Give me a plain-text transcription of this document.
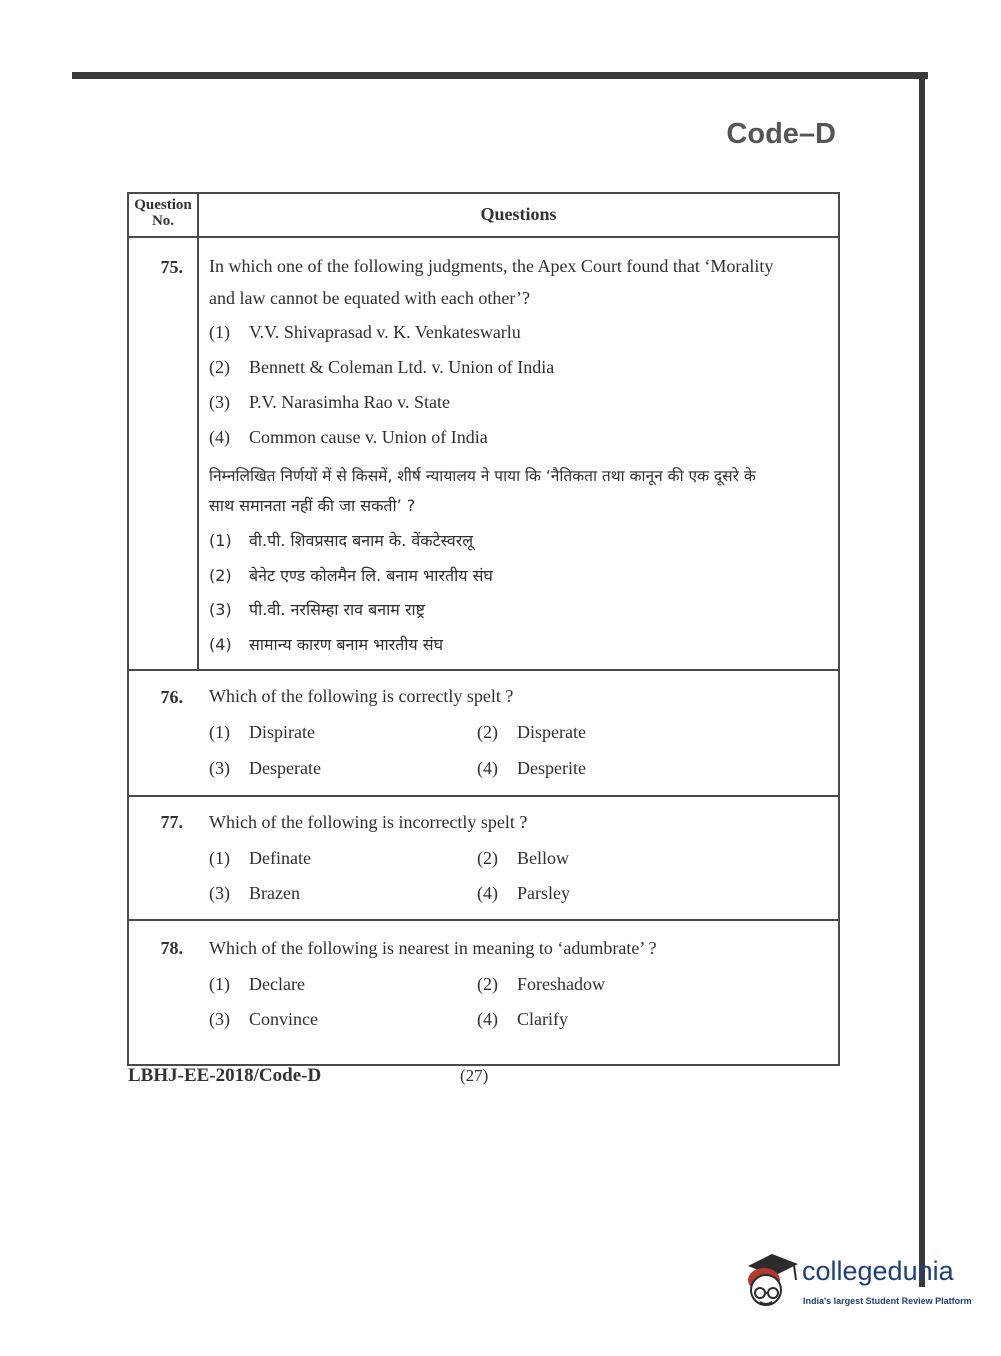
Code–D
Question
No.	Questions
75. In which one of the following judgments, the Apex Court found that ‘Morality
and law cannot be equated with each other’?
(1) V.V. Shivaprasad v. K. Venkateswarlu
(2) Bennett & Coleman Ltd. v. Union of India
(3) P.V. Narasimha Rao v. State
(4) Common cause v. Union of India
निम्नलिखित निर्णयों में से किसमें, शीर्ष न्यायालय ने पाया कि ‘नैतिकता तथा कानून की एक दूसरे के
साथ समानता नहीं की जा सकती’ ?
(1) वी.पी. शिवप्रसाद बनाम के. वेंकटेस्वरलू
(2) बेनेट एण्ड कोलमैन लि. बनाम भारतीय संघ
(3) पी.वी. नरसिम्हा राव बनाम राष्ट्र
(4) सामान्य कारण बनाम भारतीय संघ
76. Which of the following is correctly spelt ?
(1) Dispirate	(2) Disperate
(3) Desperate	(4) Desperite
77. Which of the following is incorrectly spelt ?
(1) Definate	(2) Bellow
(3) Brazen	(4) Parsley
78. Which of the following is nearest in meaning to ‘adumbrate’ ?
(1) Declare	(2) Foreshadow
(3) Convince	(4) Clarify
LBHJ-EE-2018/Code-D	(27)
collegedunia
India's largest Student Review Platform
